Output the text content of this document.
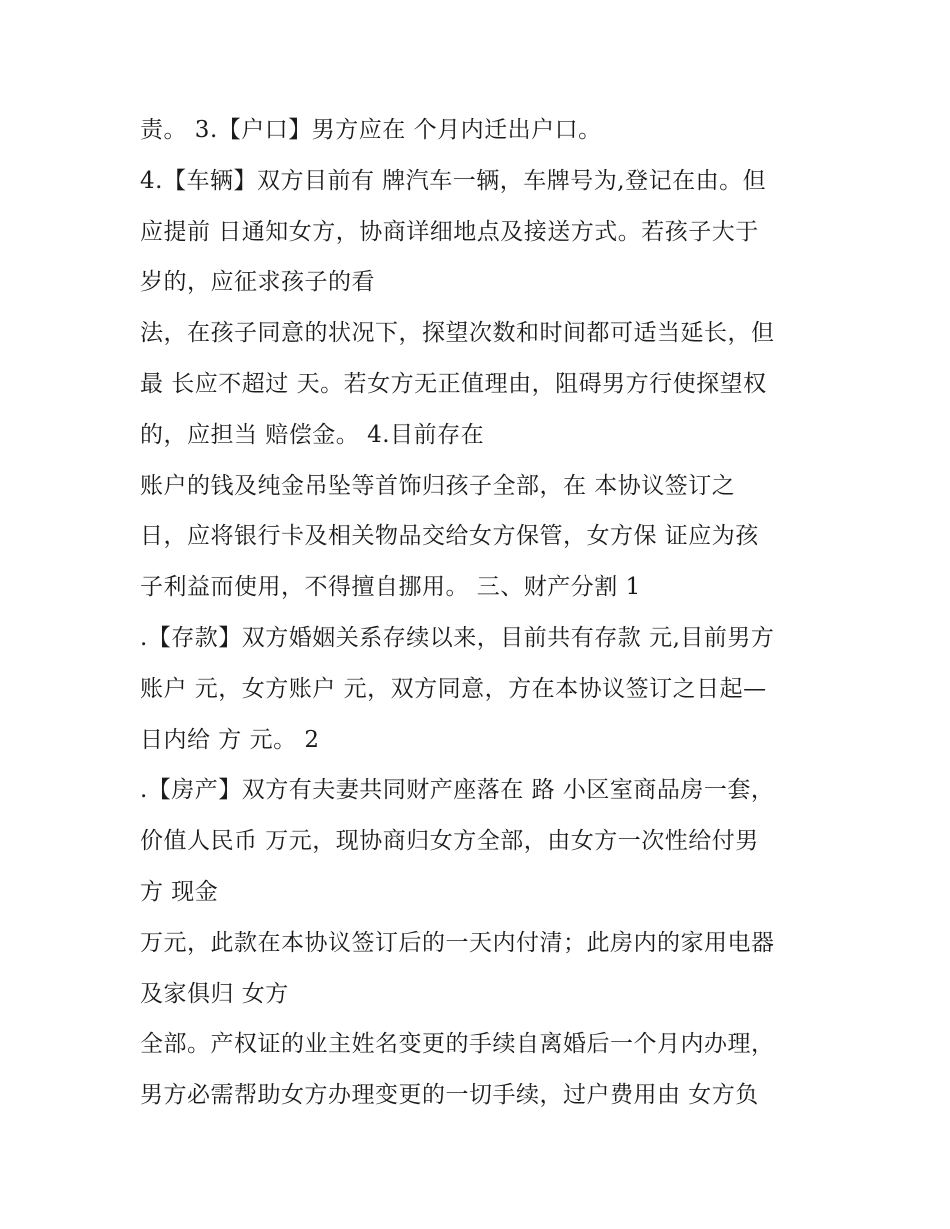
责。 3.【户口】男方应在 个月内迁出户口。
4.【车辆】双方目前有 牌汽车一辆，车牌号为,登记在由。但
应提前 日通知女方，协商详细地点及接送方式。若孩子大于
岁的，应征求孩子的看
法，在孩子同意的状况下，探望次数和时间都可适当延长，但
最 长应不超过 天。若女方无正值理由，阻碍男方行使探望权
的，应担当 赔偿金。 4.目前存在
账户的钱及纯金吊坠等首饰归孩子全部，在 本协议签订之
日，应将银行卡及相关物品交给女方保管，女方保 证应为孩
子利益而使用，不得擅自挪用。 三、财产分割 1
.【存款】双方婚姻关系存续以来，目前共有存款 元,目前男方
账户 元，女方账户 元，双方同意，方在本协议签订之日起—
日内给 方 元。 2
.【房产】双方有夫妻共同财产座落在 路 小区室商品房一套，
价值人民币 万元，现协商归女方全部，由女方一次性给付男
方 现金
万元，此款在本协议签订后的一天内付清；此房内的家用电器
及家俱归 女方
全部。产权证的业主姓名变更的手续自离婚后一个月内办理，
男方必需帮助女方办理变更的一切手续，过户费用由 女方负
